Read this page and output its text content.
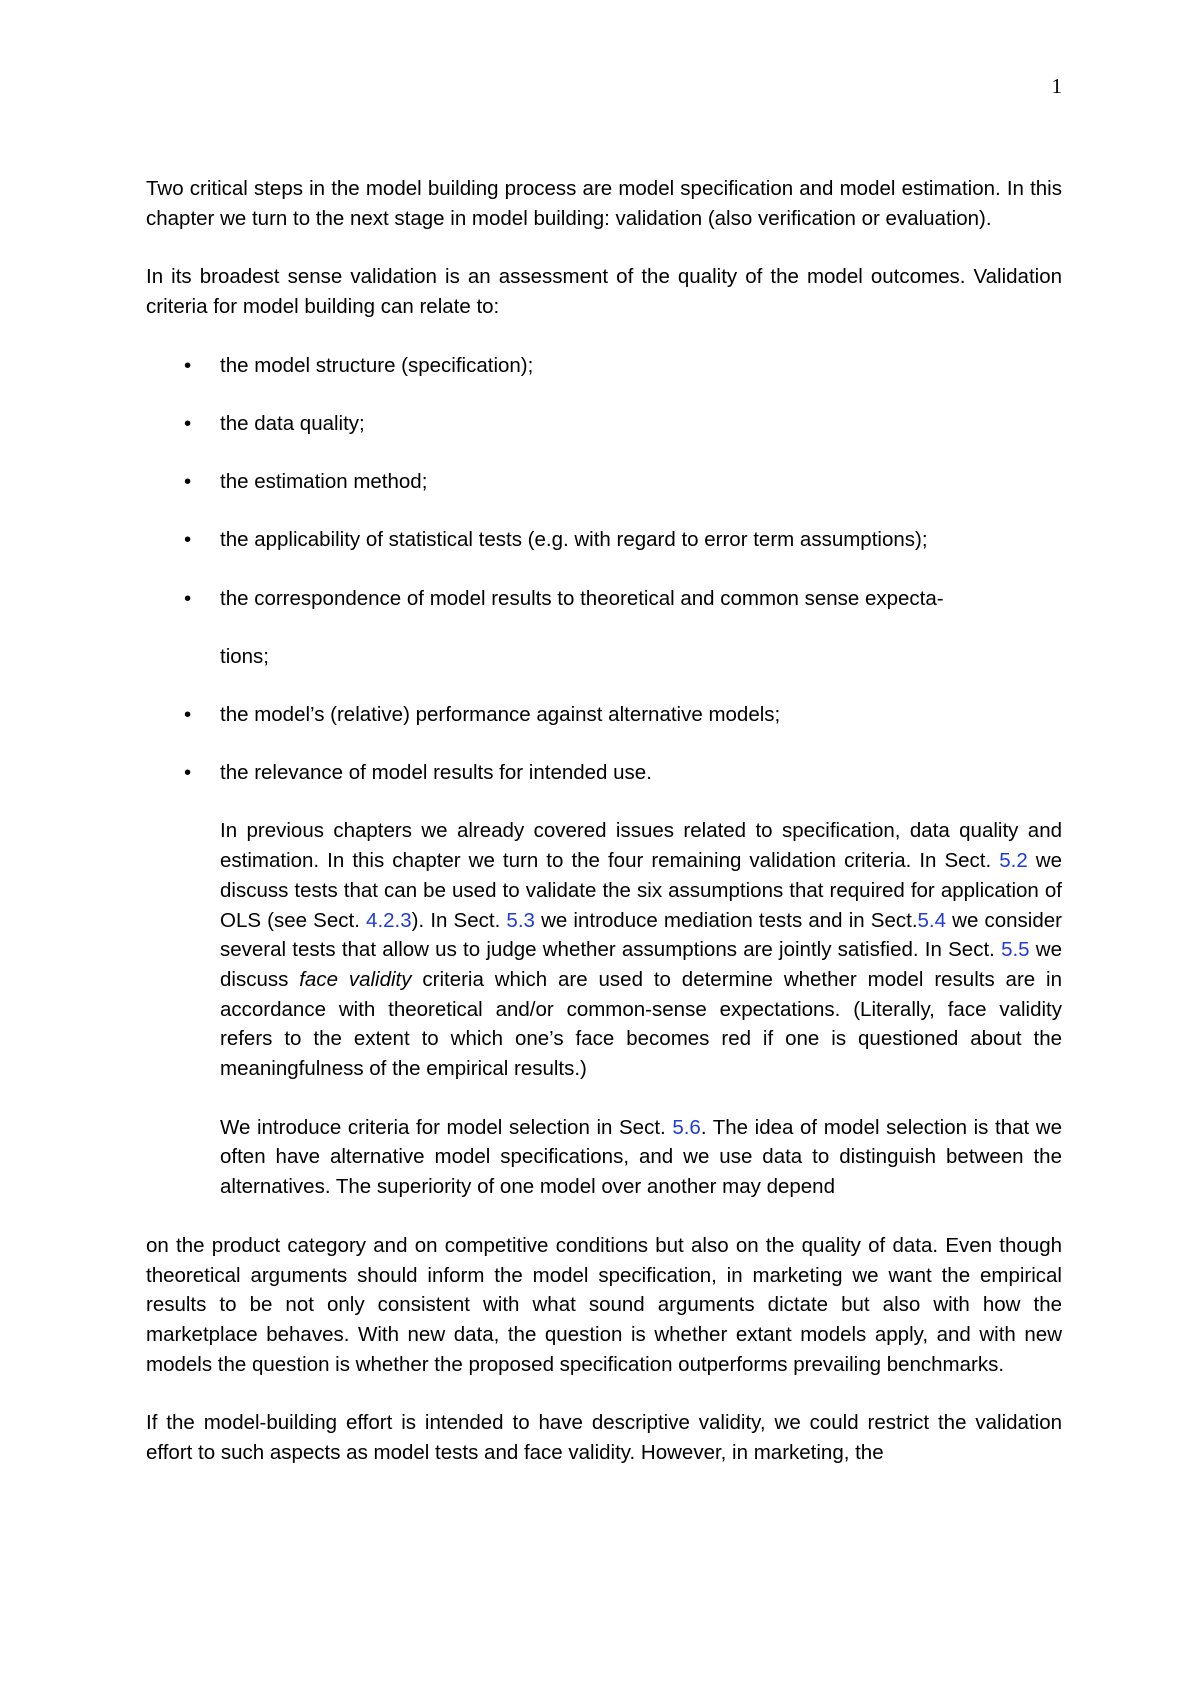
1

Two critical steps in the model building process are model specification and model estimation. In this chapter we turn to the next stage in model building: validation (also verification or evaluation).

In its broadest sense validation is an assessment of the quality of the model outcomes. Validation criteria for model building can relate to:

• the model structure (specification);
• the data quality;
• the estimation method;
• the applicability of statistical tests (e.g. with regard to error term assumptions);
• the correspondence of model results to theoretical and common sense expecta-
tions;
• the model’s (relative) performance against alternative models;
• the relevance of model results for intended use.

In previous chapters we already covered issues related to specification, data quality and estimation. In this chapter we turn to the four remaining validation criteria. In Sect. 5.2 we discuss tests that can be used to validate the six assumptions that required for application of OLS (see Sect. 4.2.3). In Sect. 5.3 we introduce mediation tests and in Sect.5.4 we consider several tests that allow us to judge whether assumptions are jointly satisfied. In Sect. 5.5 we discuss face validity criteria which are used to determine whether model results are in accordance with theoretical and/or common-sense expectations. (Literally, face validity refers to the extent to which one’s face becomes red if one is questioned about the meaningfulness of the empirical results.)

We introduce criteria for model selection in Sect. 5.6. The idea of model selection is that we often have alternative model specifications, and we use data to distinguish between the alternatives. The superiority of one model over another may depend

on the product category and on competitive conditions but also on the quality of data. Even though theoretical arguments should inform the model specification, in marketing we want the empirical results to be not only consistent with what sound arguments dictate but also with how the marketplace behaves. With new data, the question is whether extant models apply, and with new models the question is whether the proposed specification outperforms prevailing benchmarks.

If the model-building effort is intended to have descriptive validity, we could restrict the validation effort to such aspects as model tests and face validity. However, in marketing, the
